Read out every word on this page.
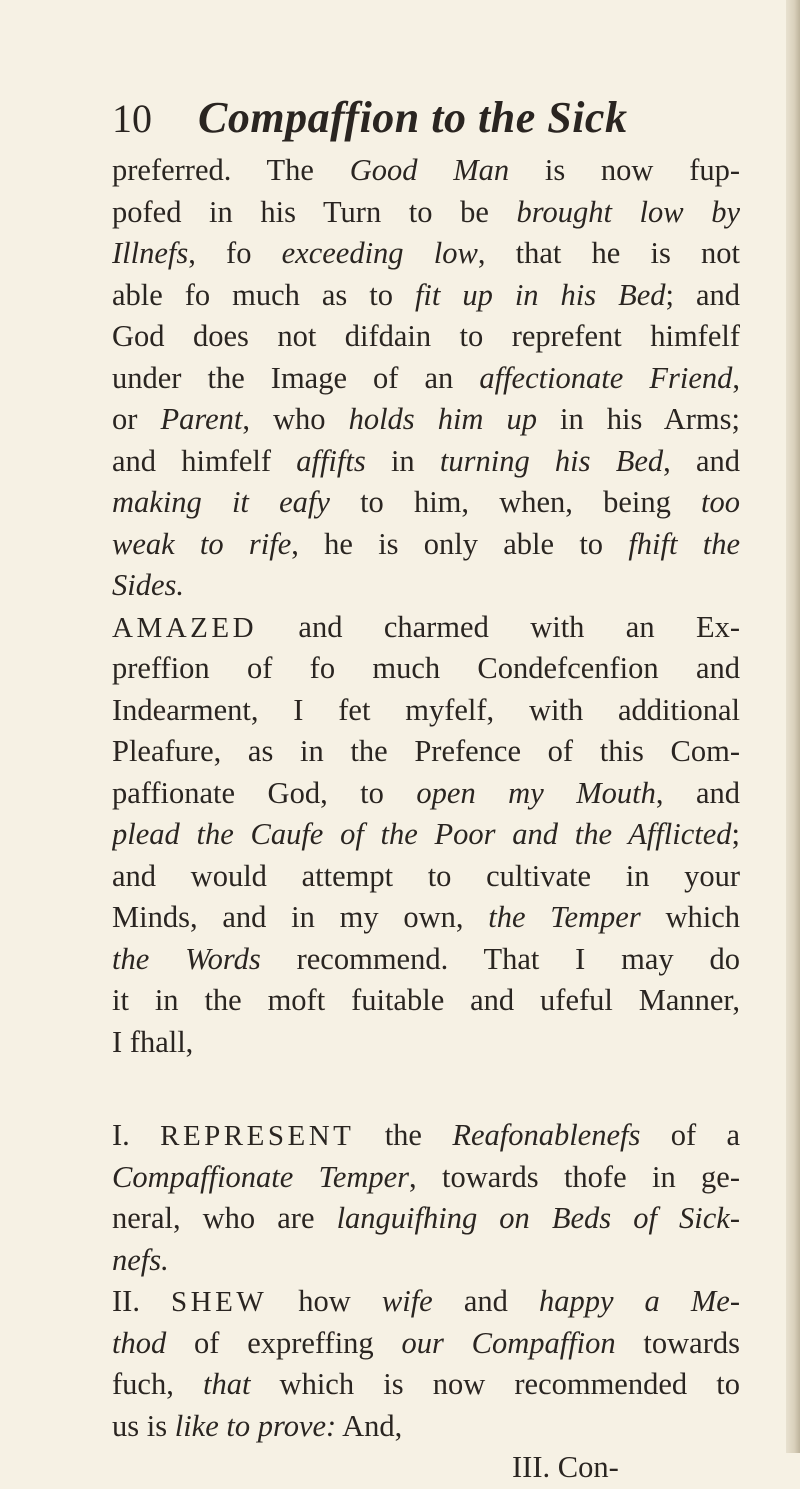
10 Compaffion to the Sick
preferred. The Good Man is now fup-
pofed in his Turn to be brought low by
Illnefs, fo exceeding low, that he is not
able fo much as to fit up in his Bed; and
God does not difdain to reprefent himfelf
under the Image of an affectionate Friend,
or Parent, who holds him up in his Arms;
and himfelf affifts in turning his Bed, and
making it eafy to him, when, being too
weak to rife, he is only able to fhift the
Sides.
AMAZED and charmed with an Ex-
preffion of fo much Condefcenfion and
Indearment, I fet myfelf, with additional
Pleafure, as in the Prefence of this Com-
paffionate God, to open my Mouth, and
plead the Caufe of the Poor and the Afflicted;
and would attempt to cultivate in your
Minds, and in my own, the Temper which
the Words recommend. That I may do
it in the moft fuitable and ufeful Manner,
I fhall,
I. REPRESENT the Reafonablenefs of a
Compaffionate Temper, towards thofe in ge-
neral, who are languifhing on Beds of Sick-
nefs.
II. SHEW how wife and happy a Me-
thod of expreffing our Compaffion towards
fuch, that which is now recommended to
us is like to prove: And,
III. Con-
